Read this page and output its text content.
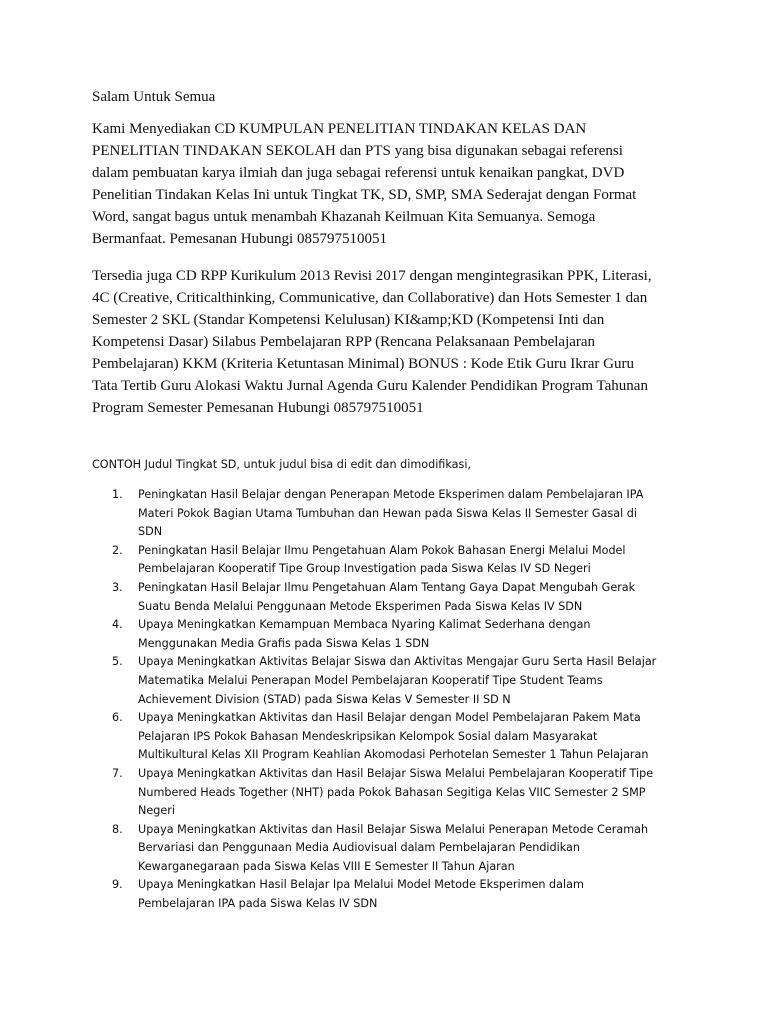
Salam Untuk Semua

Kami Menyediakan CD KUMPULAN PENELITIAN TINDAKAN KELAS DAN
PENELITIAN TINDAKAN SEKOLAH dan PTS yang bisa digunakan sebagai referensi
dalam pembuatan karya ilmiah dan juga sebagai referensi untuk kenaikan pangkat, DVD
Penelitian Tindakan Kelas Ini untuk Tingkat TK, SD, SMP, SMA Sederajat dengan Format
Word, sangat bagus untuk menambah Khazanah Keilmuan Kita Semuanya. Semoga
Bermanfaat. Pemesanan Hubungi 085797510051

Tersedia juga CD RPP Kurikulum 2013 Revisi 2017 dengan mengintegrasikan PPK, Literasi,
4C (Creative, Criticalthinking, Communicative, dan Collaborative) dan Hots Semester 1 dan
Semester 2 SKL (Standar Kompetensi Kelulusan) KI&amp;KD (Kompetensi Inti dan
Kompetensi Dasar) Silabus Pembelajaran RPP (Rencana Pelaksanaan Pembelajaran
Pembelajaran) KKM (Kriteria Ketuntasan Minimal) BONUS : Kode Etik Guru Ikrar Guru
Tata Tertib Guru Alokasi Waktu Jurnal Agenda Guru Kalender Pendidikan Program Tahunan
Program Semester Pemesanan Hubungi 085797510051

CONTOH Judul Tingkat SD, untuk judul bisa di edit dan dimodifikasi,
1.	Peningkatan Hasil Belajar dengan Penerapan Metode Eksperimen dalam Pembelajaran IPA
Materi Pokok Bagian Utama Tumbuhan dan Hewan pada Siswa Kelas II Semester Gasal di
SDN
2.	Peningkatan Hasil Belajar Ilmu Pengetahuan Alam Pokok Bahasan Energi Melalui Model
Pembelajaran Kooperatif Tipe Group Investigation pada Siswa Kelas IV SD Negeri
3.	Peningkatan Hasil Belajar Ilmu Pengetahuan Alam Tentang Gaya Dapat Mengubah Gerak
Suatu Benda Melalui Penggunaan Metode Eksperimen Pada Siswa Kelas IV SDN
4.	Upaya Meningkatkan Kemampuan Membaca Nyaring Kalimat Sederhana dengan
Menggunakan Media Grafis pada Siswa Kelas 1 SDN
5.	Upaya Meningkatkan Aktivitas Belajar Siswa dan Aktivitas Mengajar Guru Serta Hasil Belajar
Matematika Melalui Penerapan Model Pembelajaran Kooperatif Tipe Student Teams
Achievement Division (STAD) pada Siswa Kelas V Semester II SD N
6.	Upaya Meningkatkan Aktivitas dan Hasil Belajar dengan Model Pembelajaran Pakem Mata
Pelajaran IPS Pokok Bahasan Mendeskripsikan Kelompok Sosial dalam Masyarakat
Multikultural Kelas XII Program Keahlian Akomodasi Perhotelan Semester 1 Tahun Pelajaran
7.	Upaya Meningkatkan Aktivitas dan Hasil Belajar Siswa Melalui Pembelajaran Kooperatif Tipe
Numbered Heads Together (NHT) pada Pokok Bahasan Segitiga Kelas VIIC Semester 2 SMP
Negeri
8.	Upaya Meningkatkan Aktivitas dan Hasil Belajar Siswa Melalui Penerapan Metode Ceramah
Bervariasi dan Penggunaan Media Audiovisual dalam Pembelajaran Pendidikan
Kewarganegaraan pada Siswa Kelas VIII E Semester II Tahun Ajaran
9.	Upaya Meningkatkan Hasil Belajar Ipa Melalui Model Metode Eksperimen dalam
Pembelajaran IPA pada Siswa Kelas IV SDN
